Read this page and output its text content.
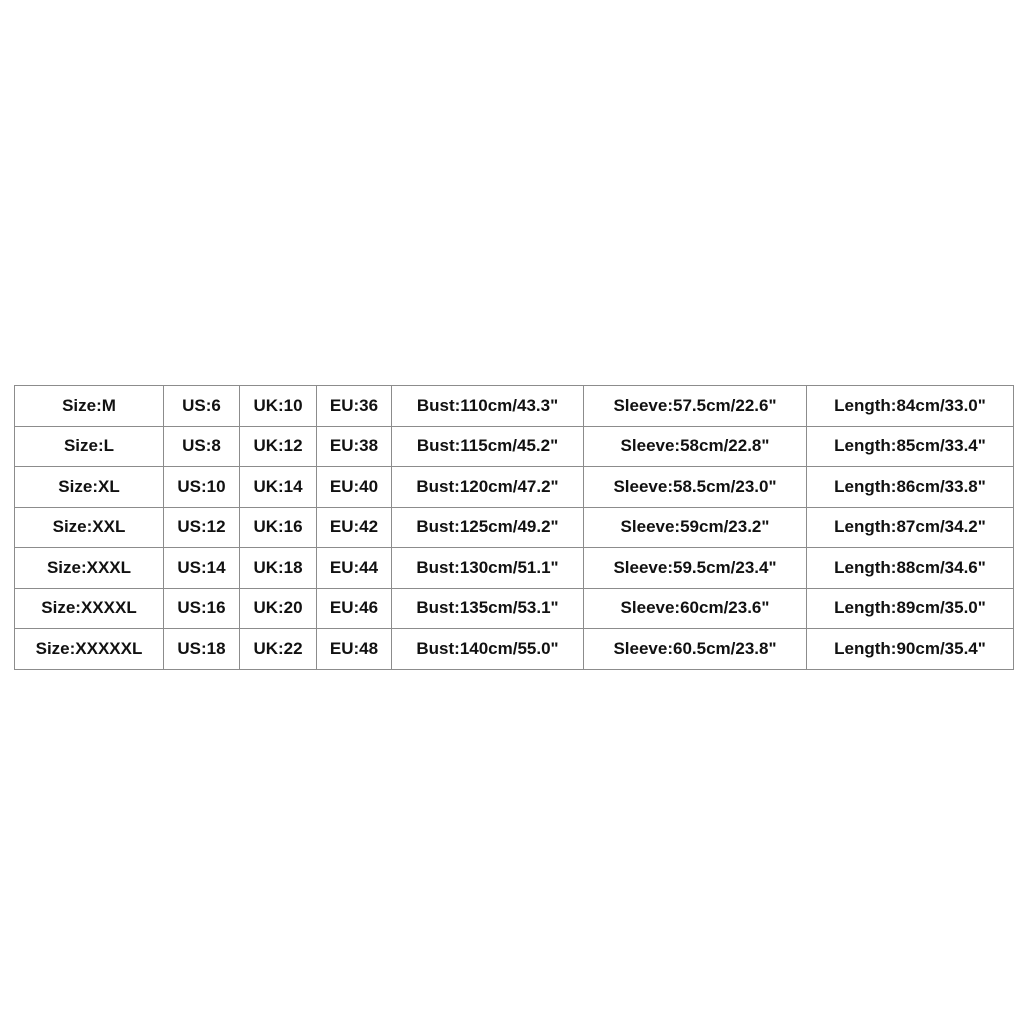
Size:M	US:6	UK:10	EU:36	Bust:110cm/43.3"	Sleeve:57.5cm/22.6"	Length:84cm/33.0"
Size:L	US:8	UK:12	EU:38	Bust:115cm/45.2"	Sleeve:58cm/22.8"	Length:85cm/33.4"
Size:XL	US:10	UK:14	EU:40	Bust:120cm/47.2"	Sleeve:58.5cm/23.0"	Length:86cm/33.8"
Size:XXL	US:12	UK:16	EU:42	Bust:125cm/49.2"	Sleeve:59cm/23.2"	Length:87cm/34.2"
Size:XXXL	US:14	UK:18	EU:44	Bust:130cm/51.1"	Sleeve:59.5cm/23.4"	Length:88cm/34.6"
Size:XXXXL	US:16	UK:20	EU:46	Bust:135cm/53.1"	Sleeve:60cm/23.6"	Length:89cm/35.0"
Size:XXXXXL	US:18	UK:22	EU:48	Bust:140cm/55.0"	Sleeve:60.5cm/23.8"	Length:90cm/35.4"
